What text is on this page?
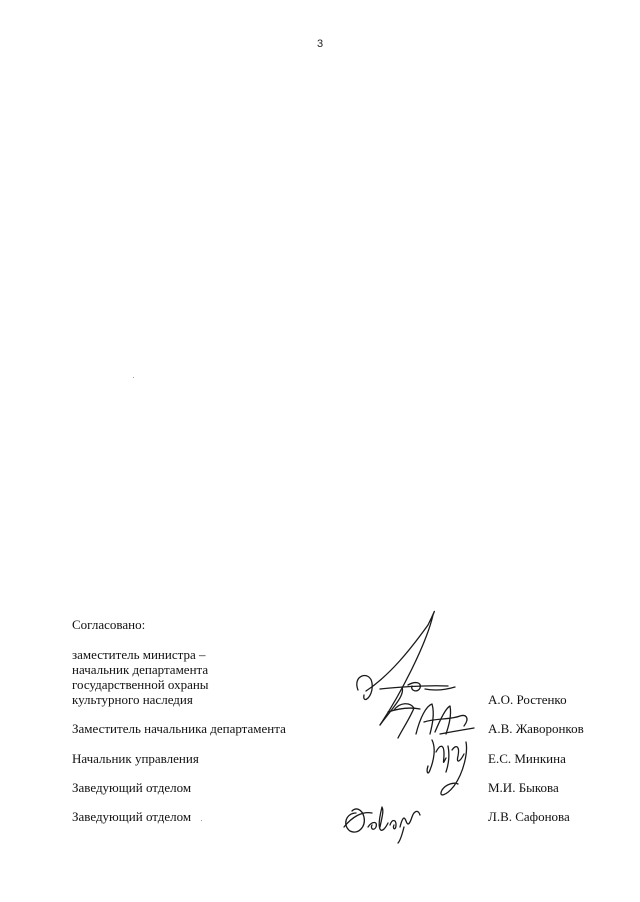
3
Согласовано:
заместитель министра –
начальник департамента
государственной охраны
культурного наследия	А.О. Ростенко
Заместитель начальника департамента	А.В. Жаворонков
Начальник управления	Е.С. Минкина
Заведующий отделом	М.И. Быкова
Заведующий отделом	Л.В. Сафонова
